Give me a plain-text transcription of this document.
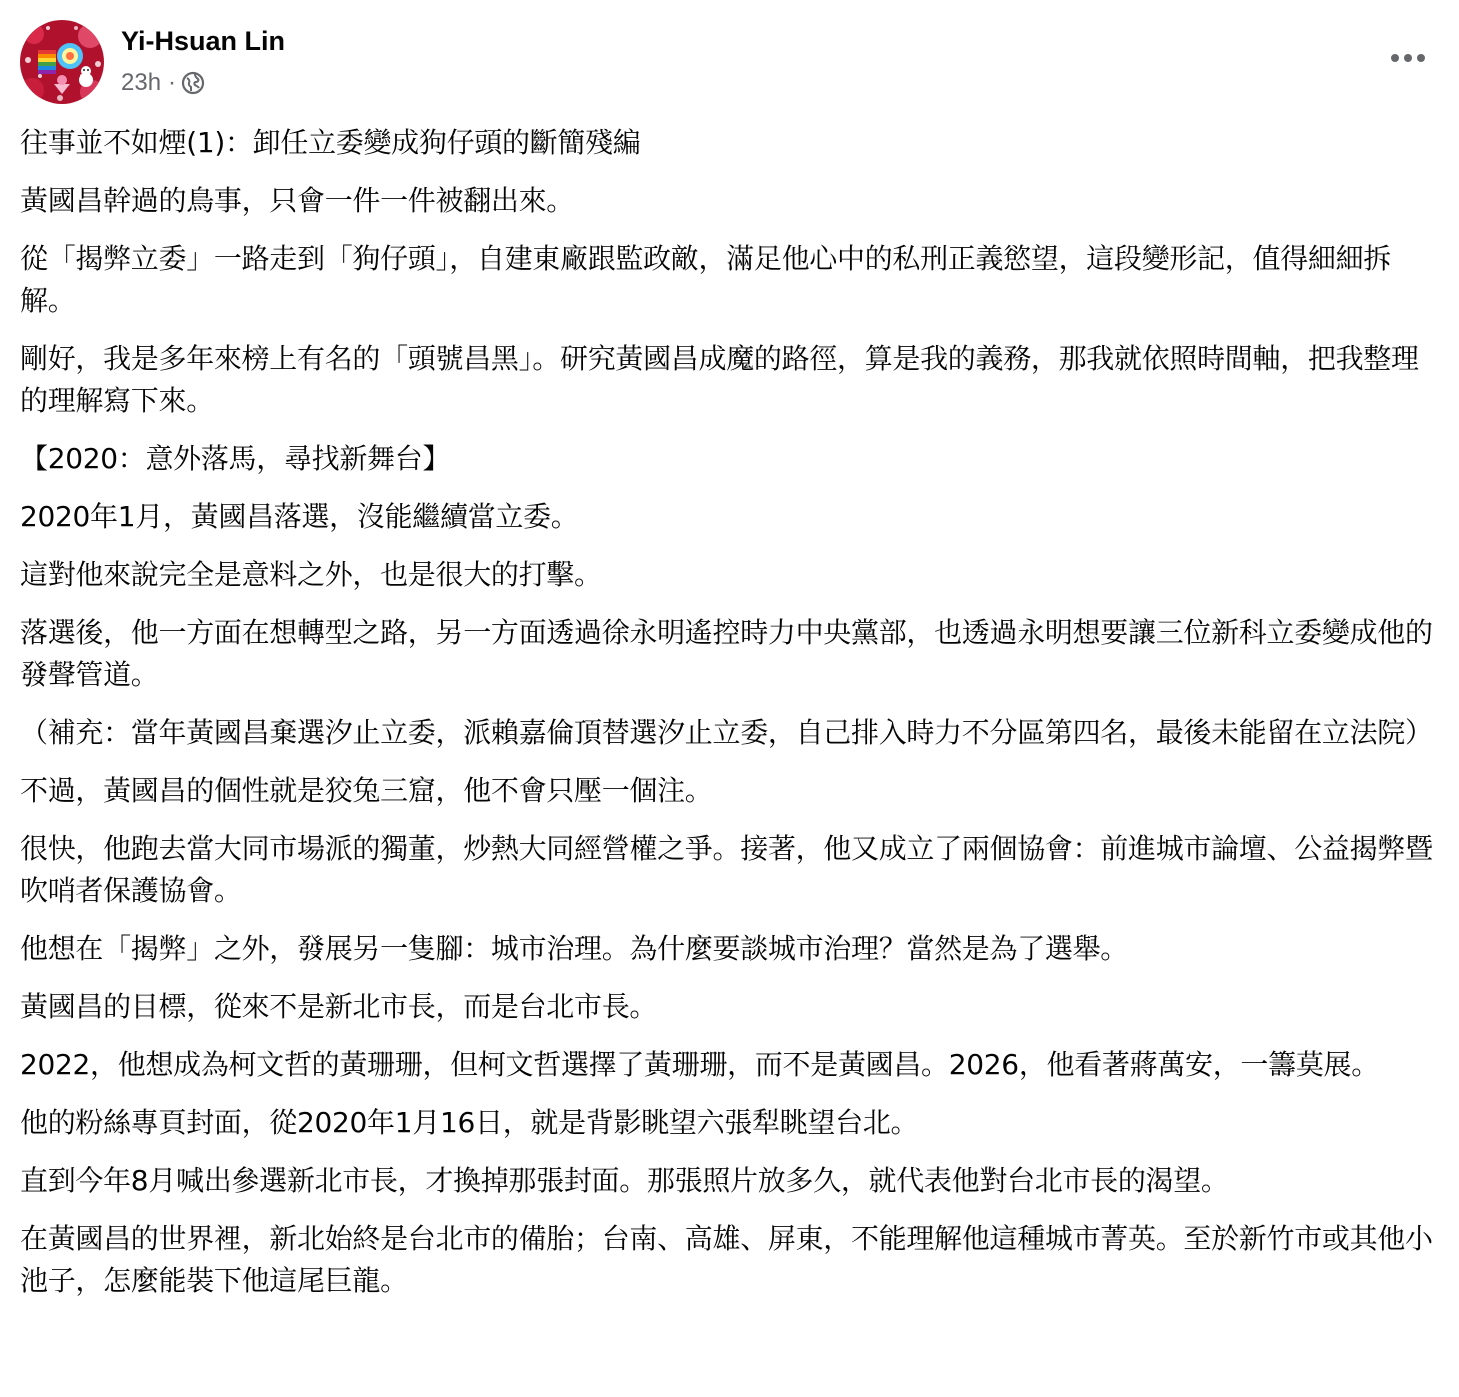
Yi-Hsuan Lin
23h ·

往事並不如煙(1)：卸任立委變成狗仔頭的斷簡殘編

黃國昌幹過的鳥事，只會一件一件被翻出來。

從「揭弊立委」一路走到「狗仔頭」，自建東廠跟監政敵，滿足他心中的私刑正義慾望，這段變形記，值得細細拆解。

剛好，我是多年來榜上有名的「頭號昌黑」。研究黃國昌成魔的路徑，算是我的義務，那我就依照時間軸，把我整理的理解寫下來。

【2020：意外落馬，尋找新舞台】

2020年1月，黃國昌落選，沒能繼續當立委。

這對他來說完全是意料之外，也是很大的打擊。

落選後，他一方面在想轉型之路，另一方面透過徐永明遙控時力中央黨部，也透過永明想要讓三位新科立委變成他的發聲管道。

（補充：當年黃國昌棄選汐止立委，派賴嘉倫頂替選汐止立委，自己排入時力不分區第四名，最後未能留在立法院）

不過，黃國昌的個性就是狡兔三窟，他不會只壓一個注。

很快，他跑去當大同市場派的獨董，炒熱大同經營權之爭。接著，他又成立了兩個協會：前進城市論壇、公益揭弊暨吹哨者保護協會。

他想在「揭弊」之外，發展另一隻腳：城市治理。為什麼要談城市治理？當然是為了選舉。

黃國昌的目標，從來不是新北市長，而是台北市長。

2022，他想成為柯文哲的黃珊珊，但柯文哲選擇了黃珊珊，而不是黃國昌。2026，他看著蔣萬安，一籌莫展。

他的粉絲專頁封面，從2020年1月16日，就是背影眺望六張犁眺望台北。

直到今年8月喊出參選新北市長，才換掉那張封面。那張照片放多久，就代表他對台北市長的渴望。

在黃國昌的世界裡，新北始終是台北市的備胎；台南、高雄、屏東，不能理解他這種城市菁英。至於新竹市或其他小池子，怎麼能裝下他這尾巨龍。
